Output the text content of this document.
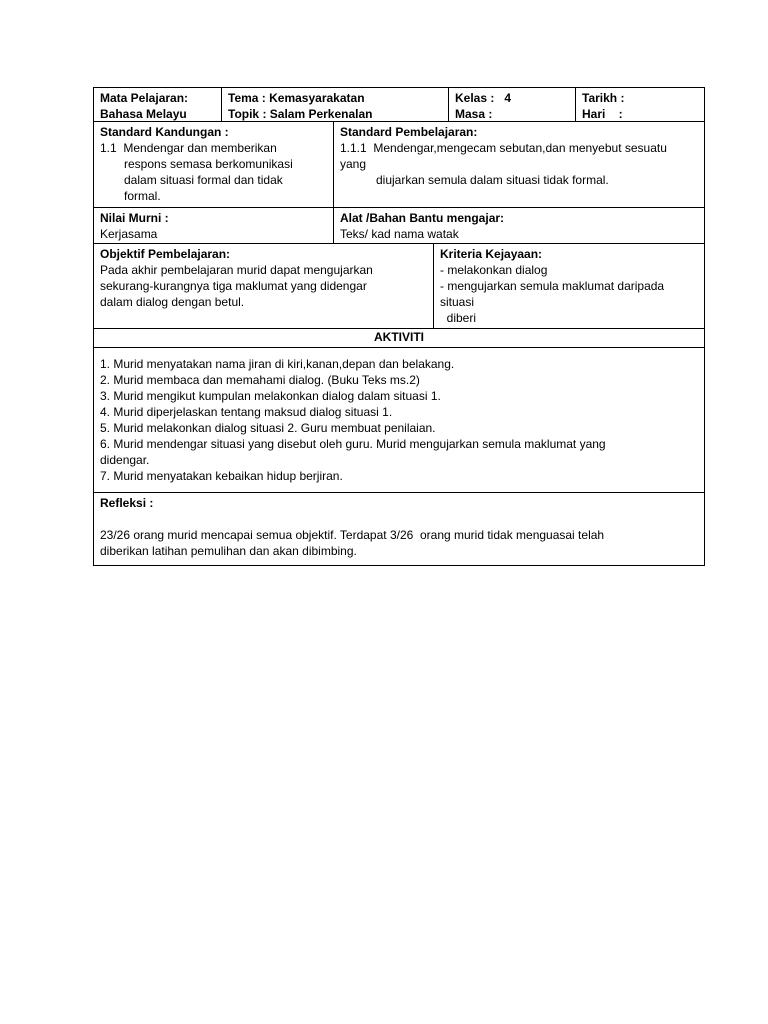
Mata Pelajaran:
Bahasa Melayu
Tema : Kemasyarakatan
Topik : Salam Perkenalan
Kelas :   4
Masa :
Tarikh :
Hari    :
Standard Kandungan :
1.1  Mendengar dan memberikan
respons semasa berkomunikasi
dalam situasi formal dan tidak
formal.
Standard Pembelajaran:
1.1.1  Mendengar,mengecam sebutan,dan menyebut sesuatu
yang
diujarkan semula dalam situasi tidak formal.
Nilai Murni :
Kerjasama
Alat /Bahan Bantu mengajar:
Teks/ kad nama watak
Objektif Pembelajaran:
Pada akhir pembelajaran murid dapat mengujarkan
sekurang-kurangnya tiga maklumat yang didengar
dalam dialog dengan betul.
Kriteria Kejayaan:
- melakonkan dialog
- mengujarkan semula maklumat daripada
situasi
diberi
AKTIVITI
1. Murid menyatakan nama jiran di kiri,kanan,depan dan belakang.
2. Murid membaca dan memahami dialog. (Buku Teks ms.2)
3. Murid mengikut kumpulan melakonkan dialog dalam situasi 1.
4. Murid diperjelaskan tentang maksud dialog situasi 1.
5. Murid melakonkan dialog situasi 2. Guru membuat penilaian.
6. Murid mendengar situasi yang disebut oleh guru. Murid mengujarkan semula maklumat yang
didengar.
7. Murid menyatakan kebaikan hidup berjiran.
Refleksi :
23/26 orang murid mencapai semua objektif. Terdapat 3/26  orang murid tidak menguasai telah
diberikan latihan pemulihan dan akan dibimbing.
